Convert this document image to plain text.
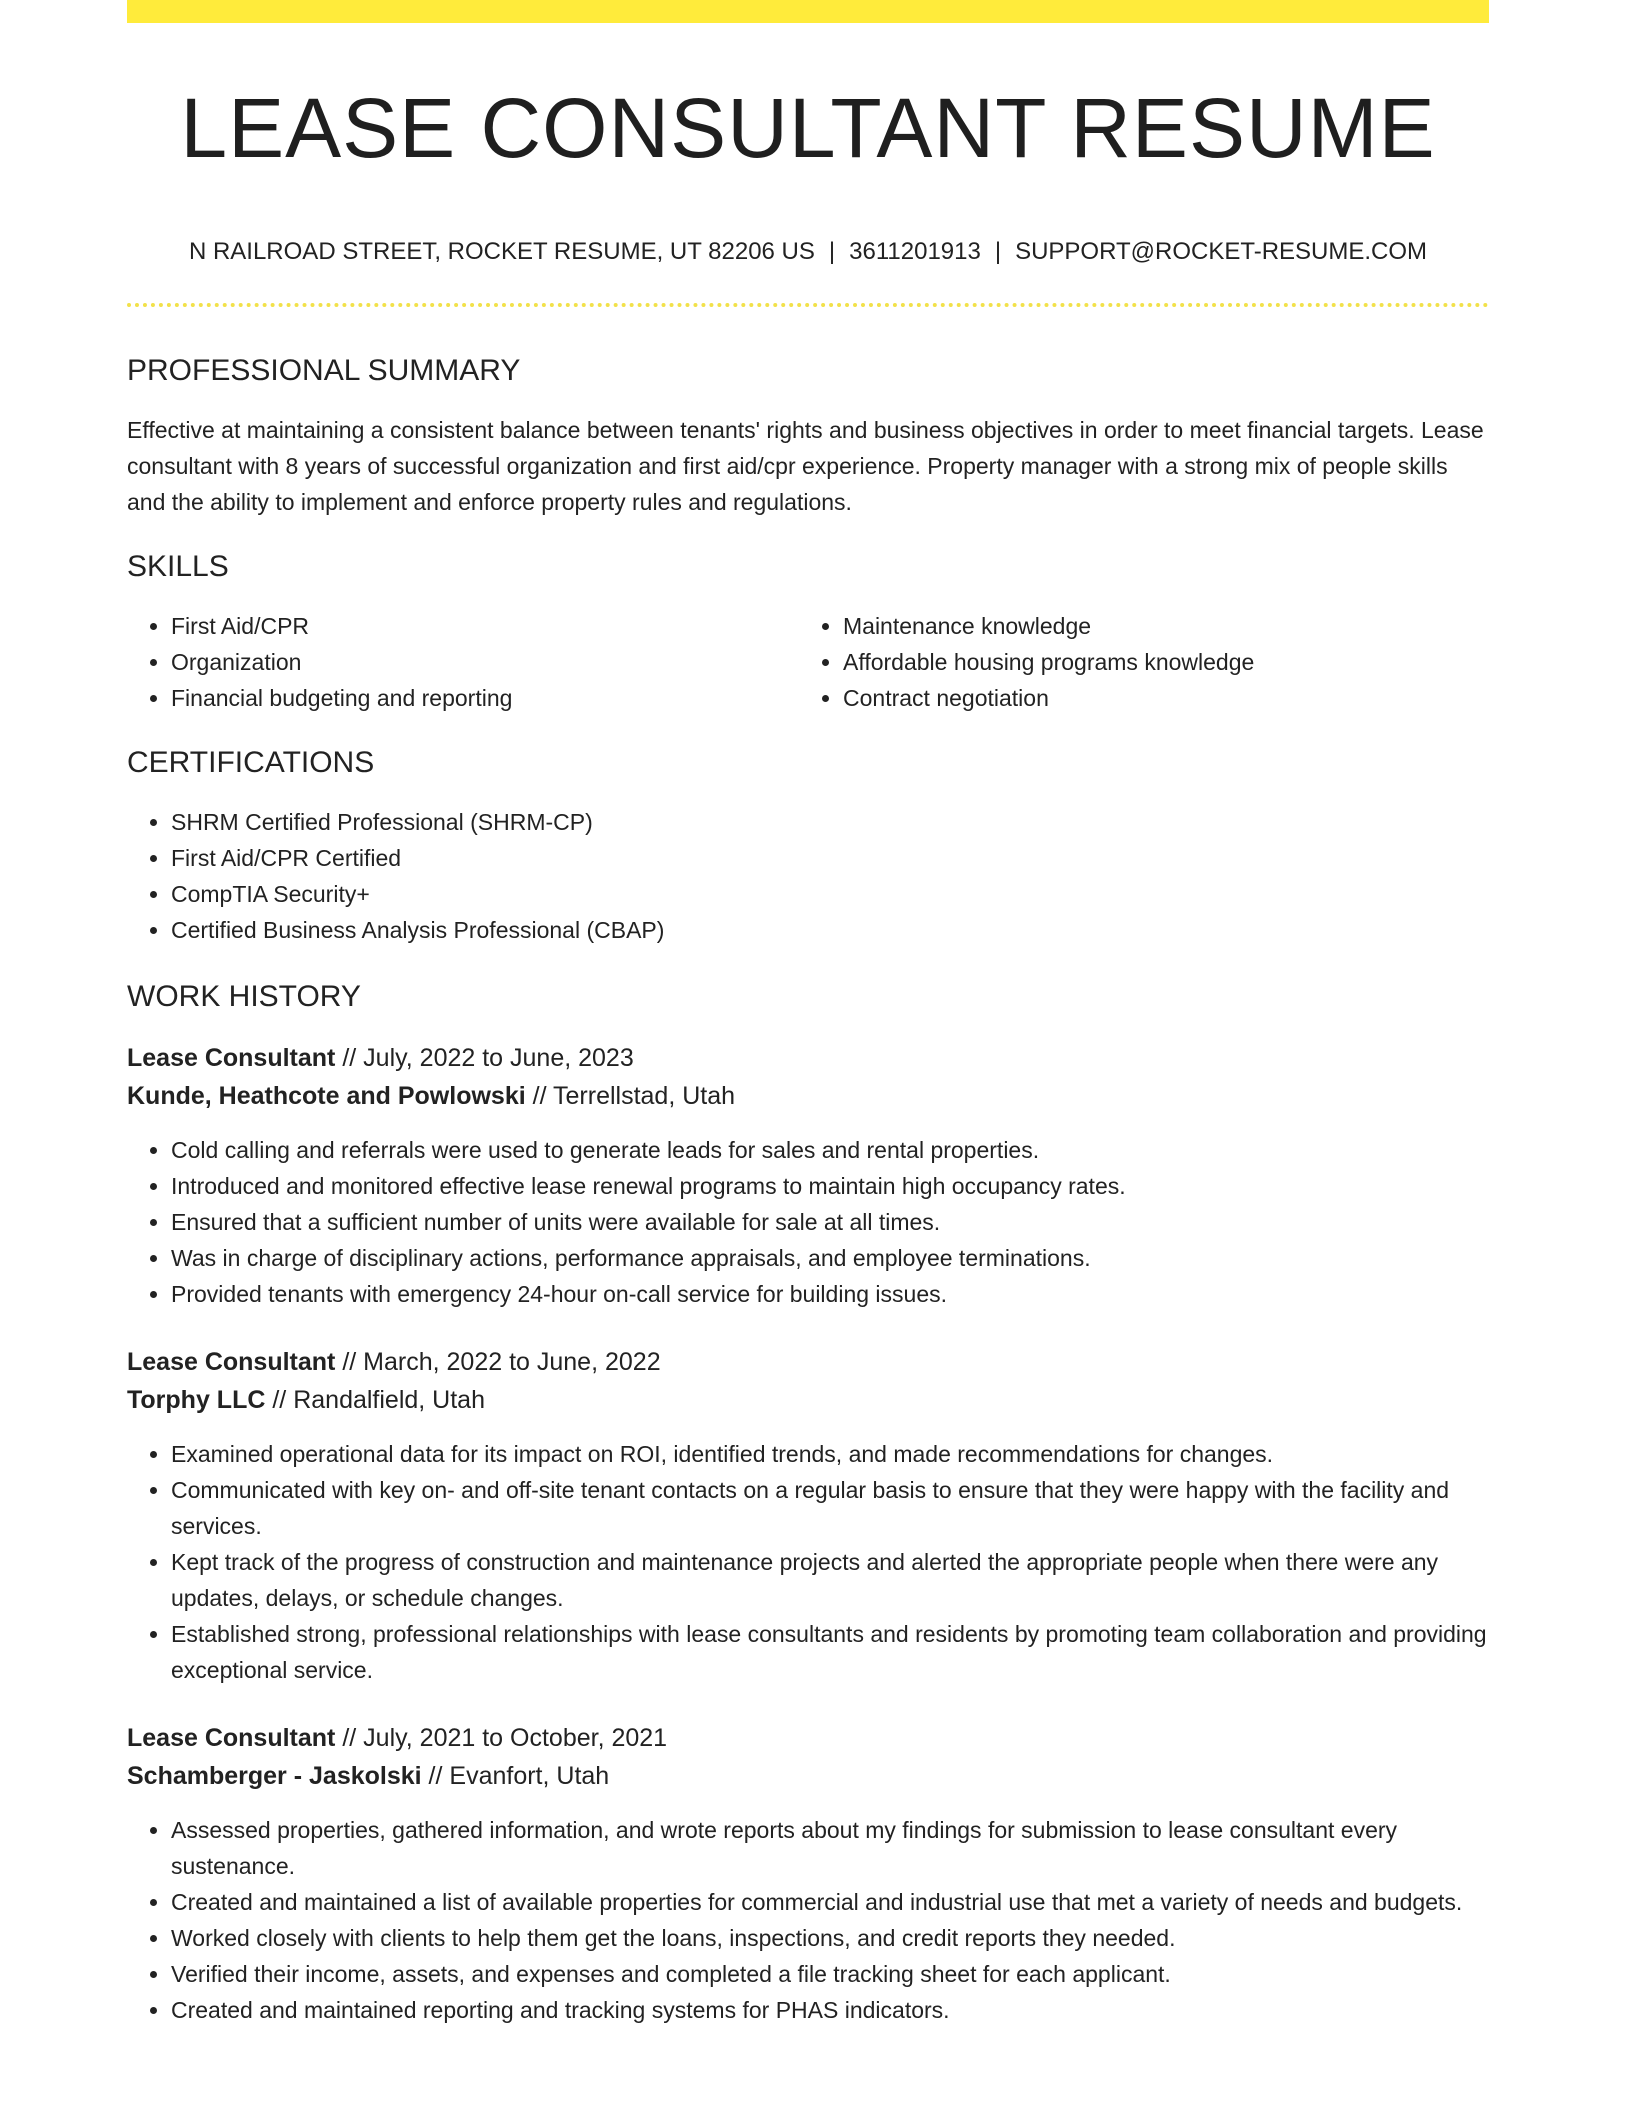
LEASE CONSULTANT RESUME
N RAILROAD STREET, ROCKET RESUME, UT 82206 US | 3611201913 | SUPPORT@ROCKET-RESUME.COM
PROFESSIONAL SUMMARY
Effective at maintaining a consistent balance between tenants' rights and business objectives in order to meet financial targets. Lease consultant with 8 years of successful organization and first aid/cpr experience. Property manager with a strong mix of people skills and the ability to implement and enforce property rules and regulations.
SKILLS
• First Aid/CPR
• Organization
• Financial budgeting and reporting
• Maintenance knowledge
• Affordable housing programs knowledge
• Contract negotiation
CERTIFICATIONS
• SHRM Certified Professional (SHRM-CP)
• First Aid/CPR Certified
• CompTIA Security+
• Certified Business Analysis Professional (CBAP)
WORK HISTORY
Lease Consultant // July, 2022 to June, 2023
Kunde, Heathcote and Powlowski // Terrellstad, Utah
• Cold calling and referrals were used to generate leads for sales and rental properties.
• Introduced and monitored effective lease renewal programs to maintain high occupancy rates.
• Ensured that a sufficient number of units were available for sale at all times.
• Was in charge of disciplinary actions, performance appraisals, and employee terminations.
• Provided tenants with emergency 24-hour on-call service for building issues.
Lease Consultant // March, 2022 to June, 2022
Torphy LLC // Randalfield, Utah
• Examined operational data for its impact on ROI, identified trends, and made recommendations for changes.
• Communicated with key on- and off-site tenant contacts on a regular basis to ensure that they were happy with the facility and services.
• Kept track of the progress of construction and maintenance projects and alerted the appropriate people when there were any updates, delays, or schedule changes.
• Established strong, professional relationships with lease consultants and residents by promoting team collaboration and providing exceptional service.
Lease Consultant // July, 2021 to October, 2021
Schamberger - Jaskolski // Evanfort, Utah
• Assessed properties, gathered information, and wrote reports about my findings for submission to lease consultant every sustenance.
• Created and maintained a list of available properties for commercial and industrial use that met a variety of needs and budgets.
• Worked closely with clients to help them get the loans, inspections, and credit reports they needed.
• Verified their income, assets, and expenses and completed a file tracking sheet for each applicant.
• Created and maintained reporting and tracking systems for PHAS indicators.
